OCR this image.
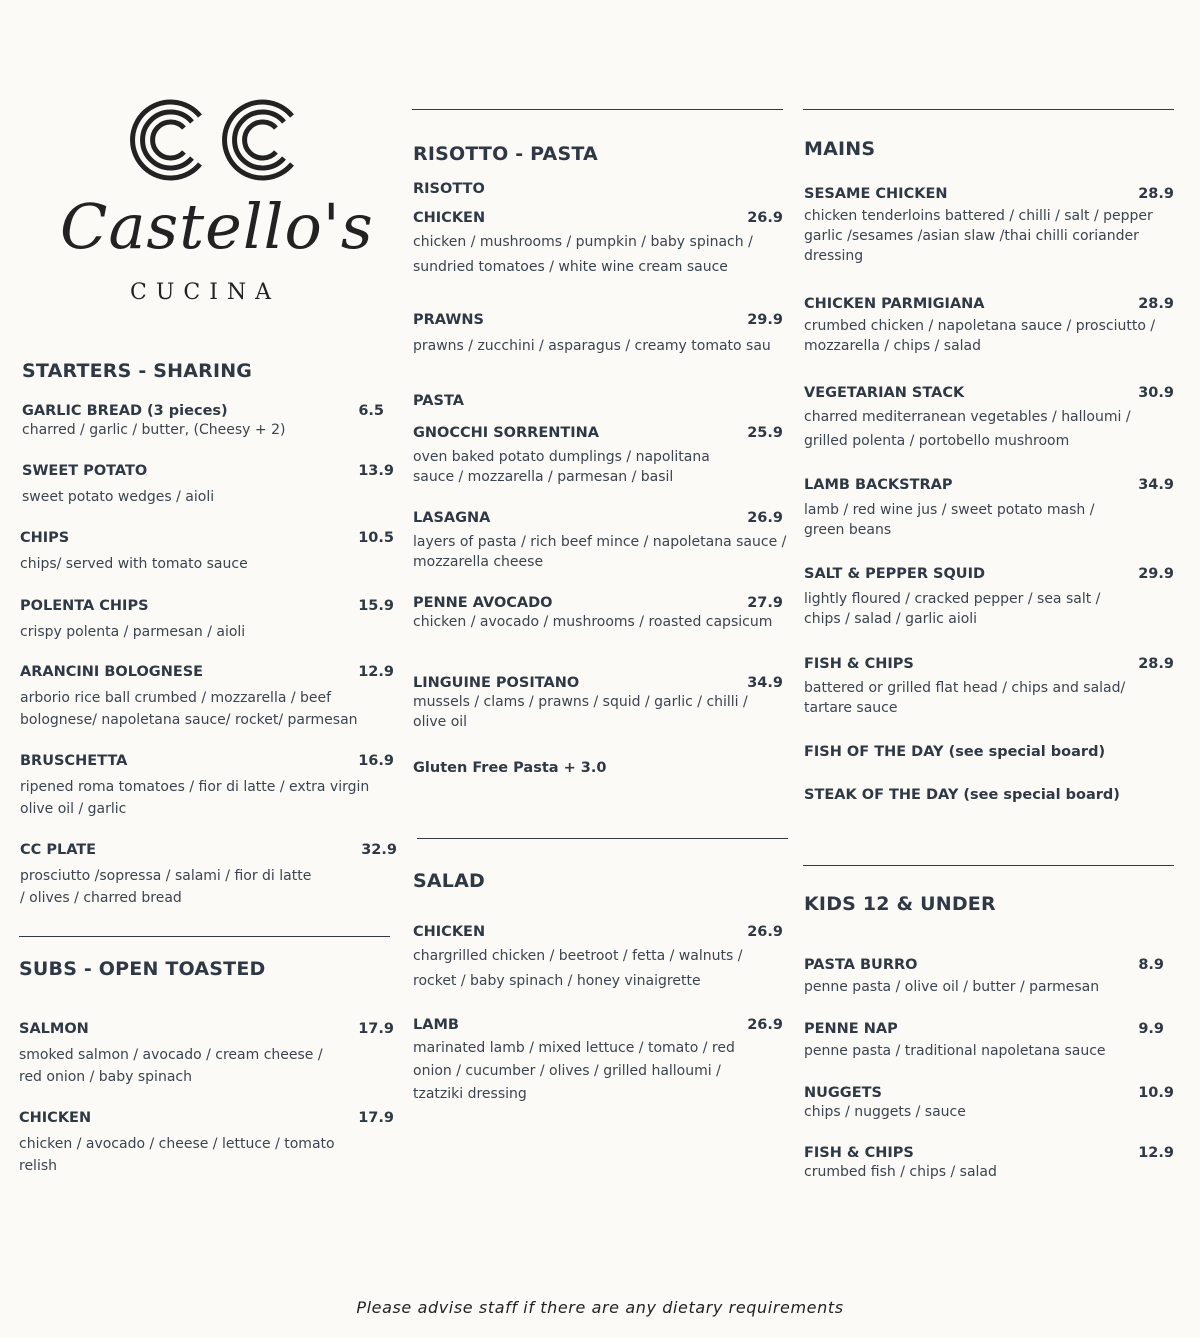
Castello's
CUCINA
STARTERS - SHARING
GARLIC BREAD (3 pieces)	6.5
charred / garlic / butter, (Cheesy + 2)
SWEET POTATO	13.9
sweet potato wedges / aioli
CHIPS	10.5
chips/ served with tomato sauce
POLENTA CHIPS	15.9
crispy polenta / parmesan / aioli
ARANCINI BOLOGNESE	12.9
arborio rice ball crumbed / mozzarella / beef bolognese/ napoletana sauce/ rocket/ parmesan
BRUSCHETTA	16.9
ripened roma tomatoes / fior di latte / extra virgin olive oil / garlic
CC PLATE	32.9
prosciutto /sopressa / salami / fior di latte / olives / charred bread
SUBS - OPEN TOASTED
SALMON	17.9
smoked salmon / avocado / cream cheese / red onion / baby spinach
CHICKEN	17.9
chicken / avocado / cheese / lettuce / tomato relish
RISOTTO - PASTA
RISOTTO
CHICKEN	26.9
chicken / mushrooms / pumpkin / baby spinach / sundried tomatoes / white wine cream sauce
PRAWNS	29.9
prawns / zucchini / asparagus / creamy tomato sau
PASTA
GNOCCHI SORRENTINA	25.9
oven baked potato dumplings / napolitana sauce / mozzarella / parmesan / basil
LASAGNA	26.9
layers of pasta / rich beef mince / napoletana sauce / mozzarella cheese
PENNE AVOCADO	27.9
chicken / avocado / mushrooms / roasted capsicum
LINGUINE POSITANO	34.9
mussels / clams / prawns / squid / garlic / chilli / olive oil
Gluten Free Pasta + 3.0
SALAD
CHICKEN	26.9
chargrilled chicken / beetroot / fetta / walnuts / rocket / baby spinach / honey vinaigrette
LAMB	26.9
marinated lamb / mixed lettuce / tomato / red onion / cucumber / olives / grilled halloumi / tzatziki dressing
MAINS
SESAME CHICKEN	28.9
chicken tenderloins battered / chilli / salt / pepper garlic /sesames /asian slaw /thai chilli coriander dressing
CHICKEN PARMIGIANA	28.9
crumbed chicken / napoletana sauce / prosciutto / mozzarella / chips / salad
VEGETARIAN STACK	30.9
charred mediterranean vegetables / halloumi / grilled polenta / portobello mushroom
LAMB BACKSTRAP	34.9
lamb / red wine jus / sweet potato mash / green beans
SALT & PEPPER SQUID	29.9
lightly floured / cracked pepper / sea salt / chips / salad / garlic aioli
FISH & CHIPS	28.9
battered or grilled flat head / chips and salad/ tartare sauce
FISH OF THE DAY (see special board)
STEAK OF THE DAY (see special board)
KIDS 12 & UNDER
PASTA BURRO	8.9
penne pasta / olive oil / butter / parmesan
PENNE NAP	9.9
penne pasta / traditional napoletana sauce
NUGGETS	10.9
chips / nuggets / sauce
FISH & CHIPS	12.9
crumbed fish / chips / salad
Please advise staff if there are any dietary requirements
